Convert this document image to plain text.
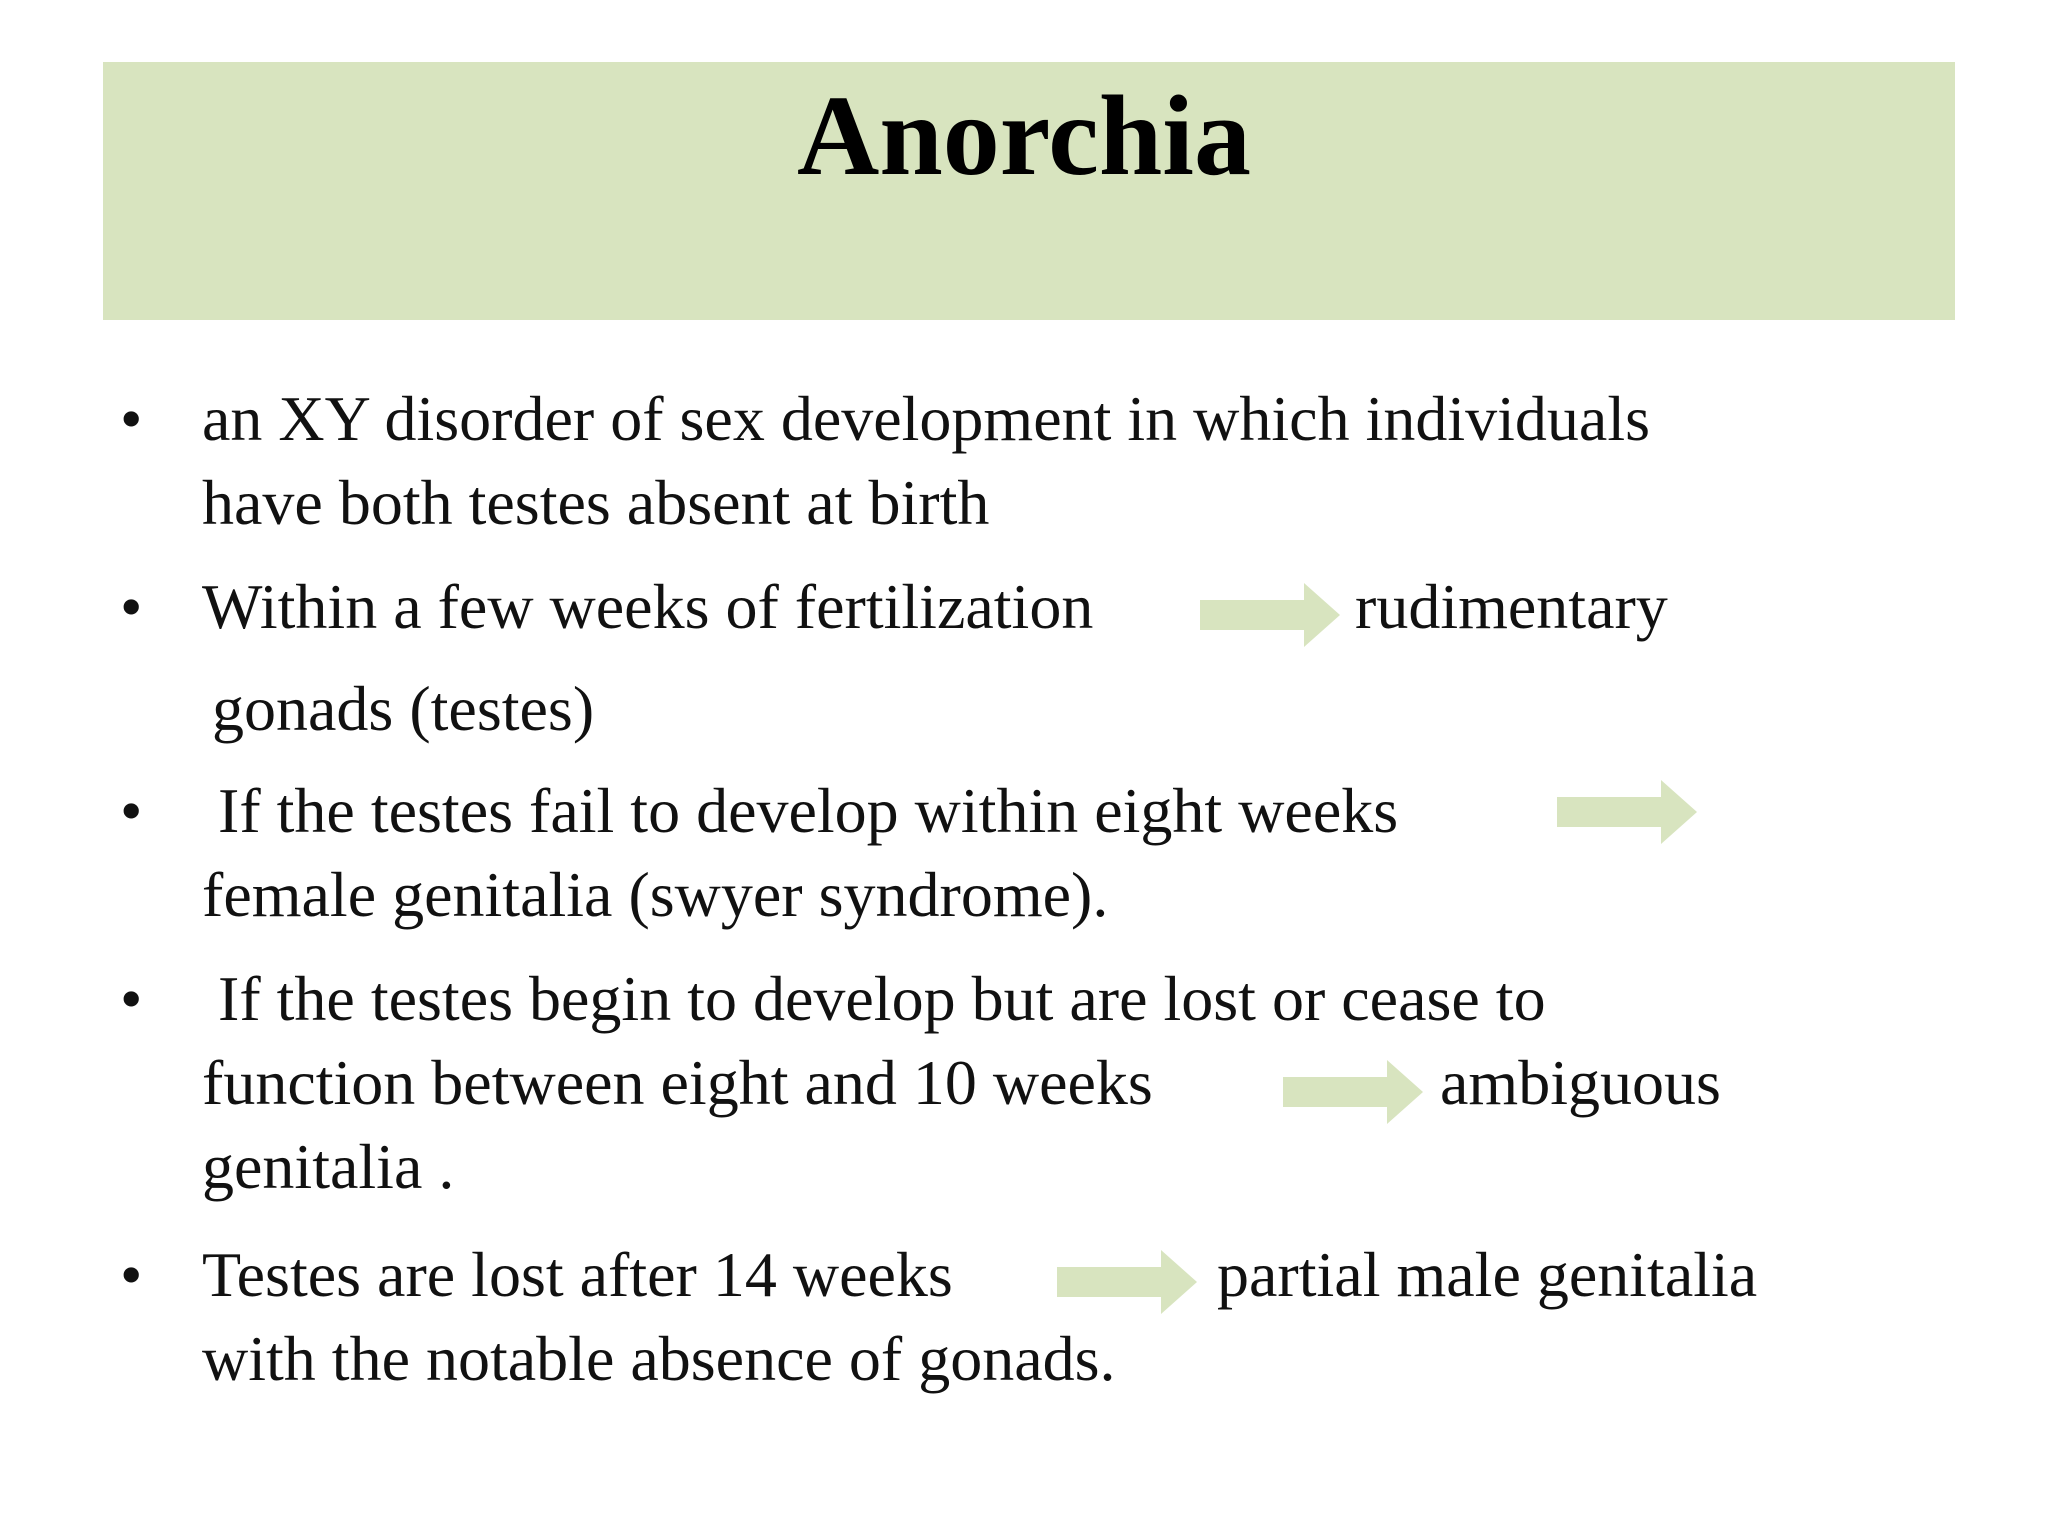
Anorchia
• an XY disorder of sex development in which individuals
have both testes absent at birth
• Within a few weeks of fertilization	rudimentary
gonads (testes)
• If the testes fail to develop within eight weeks
female genitalia (swyer syndrome).
• If the testes begin to develop but are lost or cease to
function between eight and 10 weeks	ambiguous
genitalia .
• Testes are lost after 14 weeks	partial male genitalia
with the notable absence of gonads.
